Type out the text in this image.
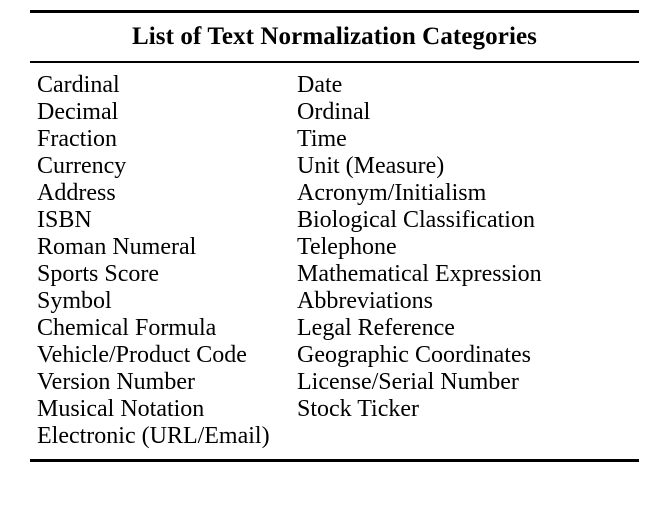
List of Text Normalization Categories
Cardinal	Date
Decimal	Ordinal
Fraction	Time
Currency	Unit (Measure)
Address	Acronym/Initialism
ISBN	Biological Classification
Roman Numeral	Telephone
Sports Score	Mathematical Expression
Symbol	Abbreviations
Chemical Formula	Legal Reference
Vehicle/Product Code	Geographic Coordinates
Version Number	License/Serial Number
Musical Notation	Stock Ticker
Electronic (URL/Email)
